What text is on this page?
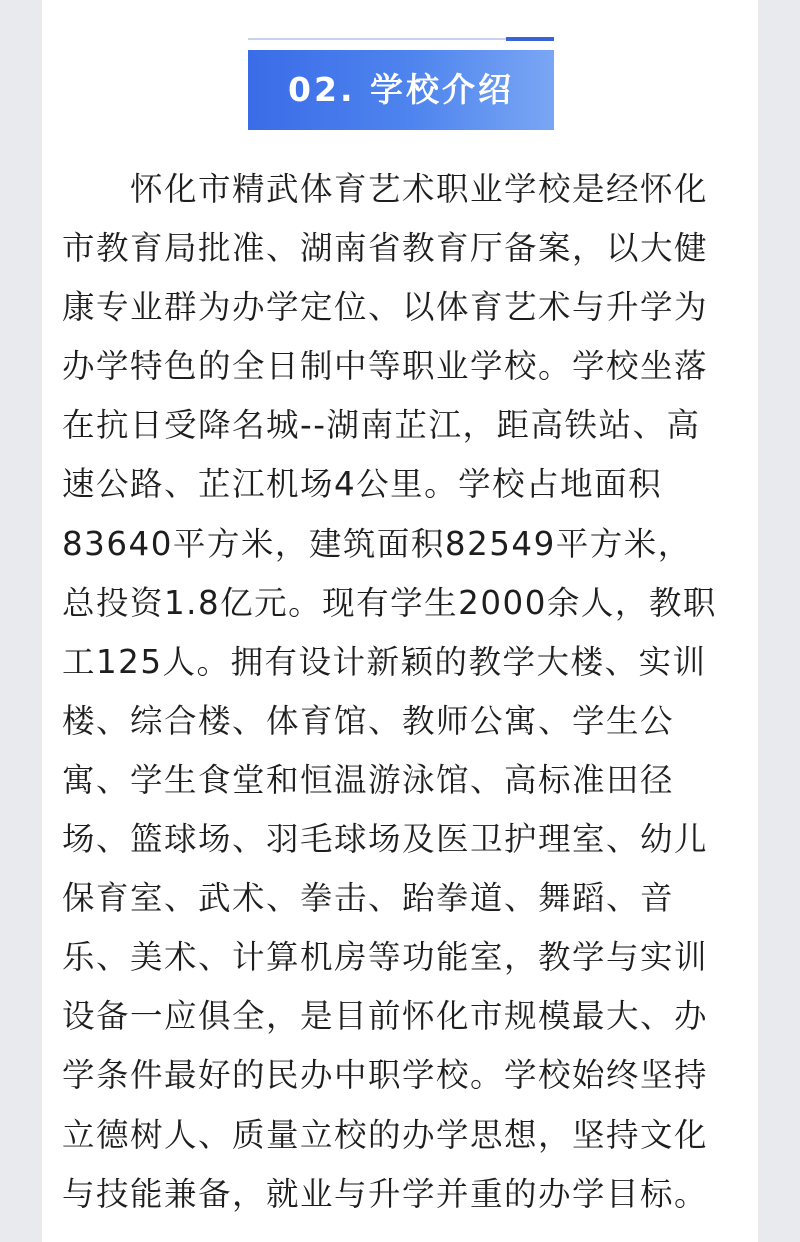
02. 学校介绍
　　怀化市精武体育艺术职业学校是经怀化
市教育局批准、湖南省教育厅备案，以大健
康专业群为办学定位、以体育艺术与升学为
办学特色的全日制中等职业学校。学校坐落
在抗日受降名城--湖南芷江，距高铁站、高
速公路、芷江机场4公里。学校占地面积
83640平方米，建筑面积82549平方米，
总投资1.8亿元。现有学生2000余人，教职
工125人。拥有设计新颖的教学大楼、实训
楼、综合楼、体育馆、教师公寓、学生公
寓、学生食堂和恒温游泳馆、高标准田径
场、篮球场、羽毛球场及医卫护理室、幼儿
保育室、武术、拳击、跆拳道、舞蹈、音
乐、美术、计算机房等功能室，教学与实训
设备一应俱全，是目前怀化市规模最大、办
学条件最好的民办中职学校。学校始终坚持
立德树人、质量立校的办学思想，坚持文化
与技能兼备，就业与升学并重的办学目标。
